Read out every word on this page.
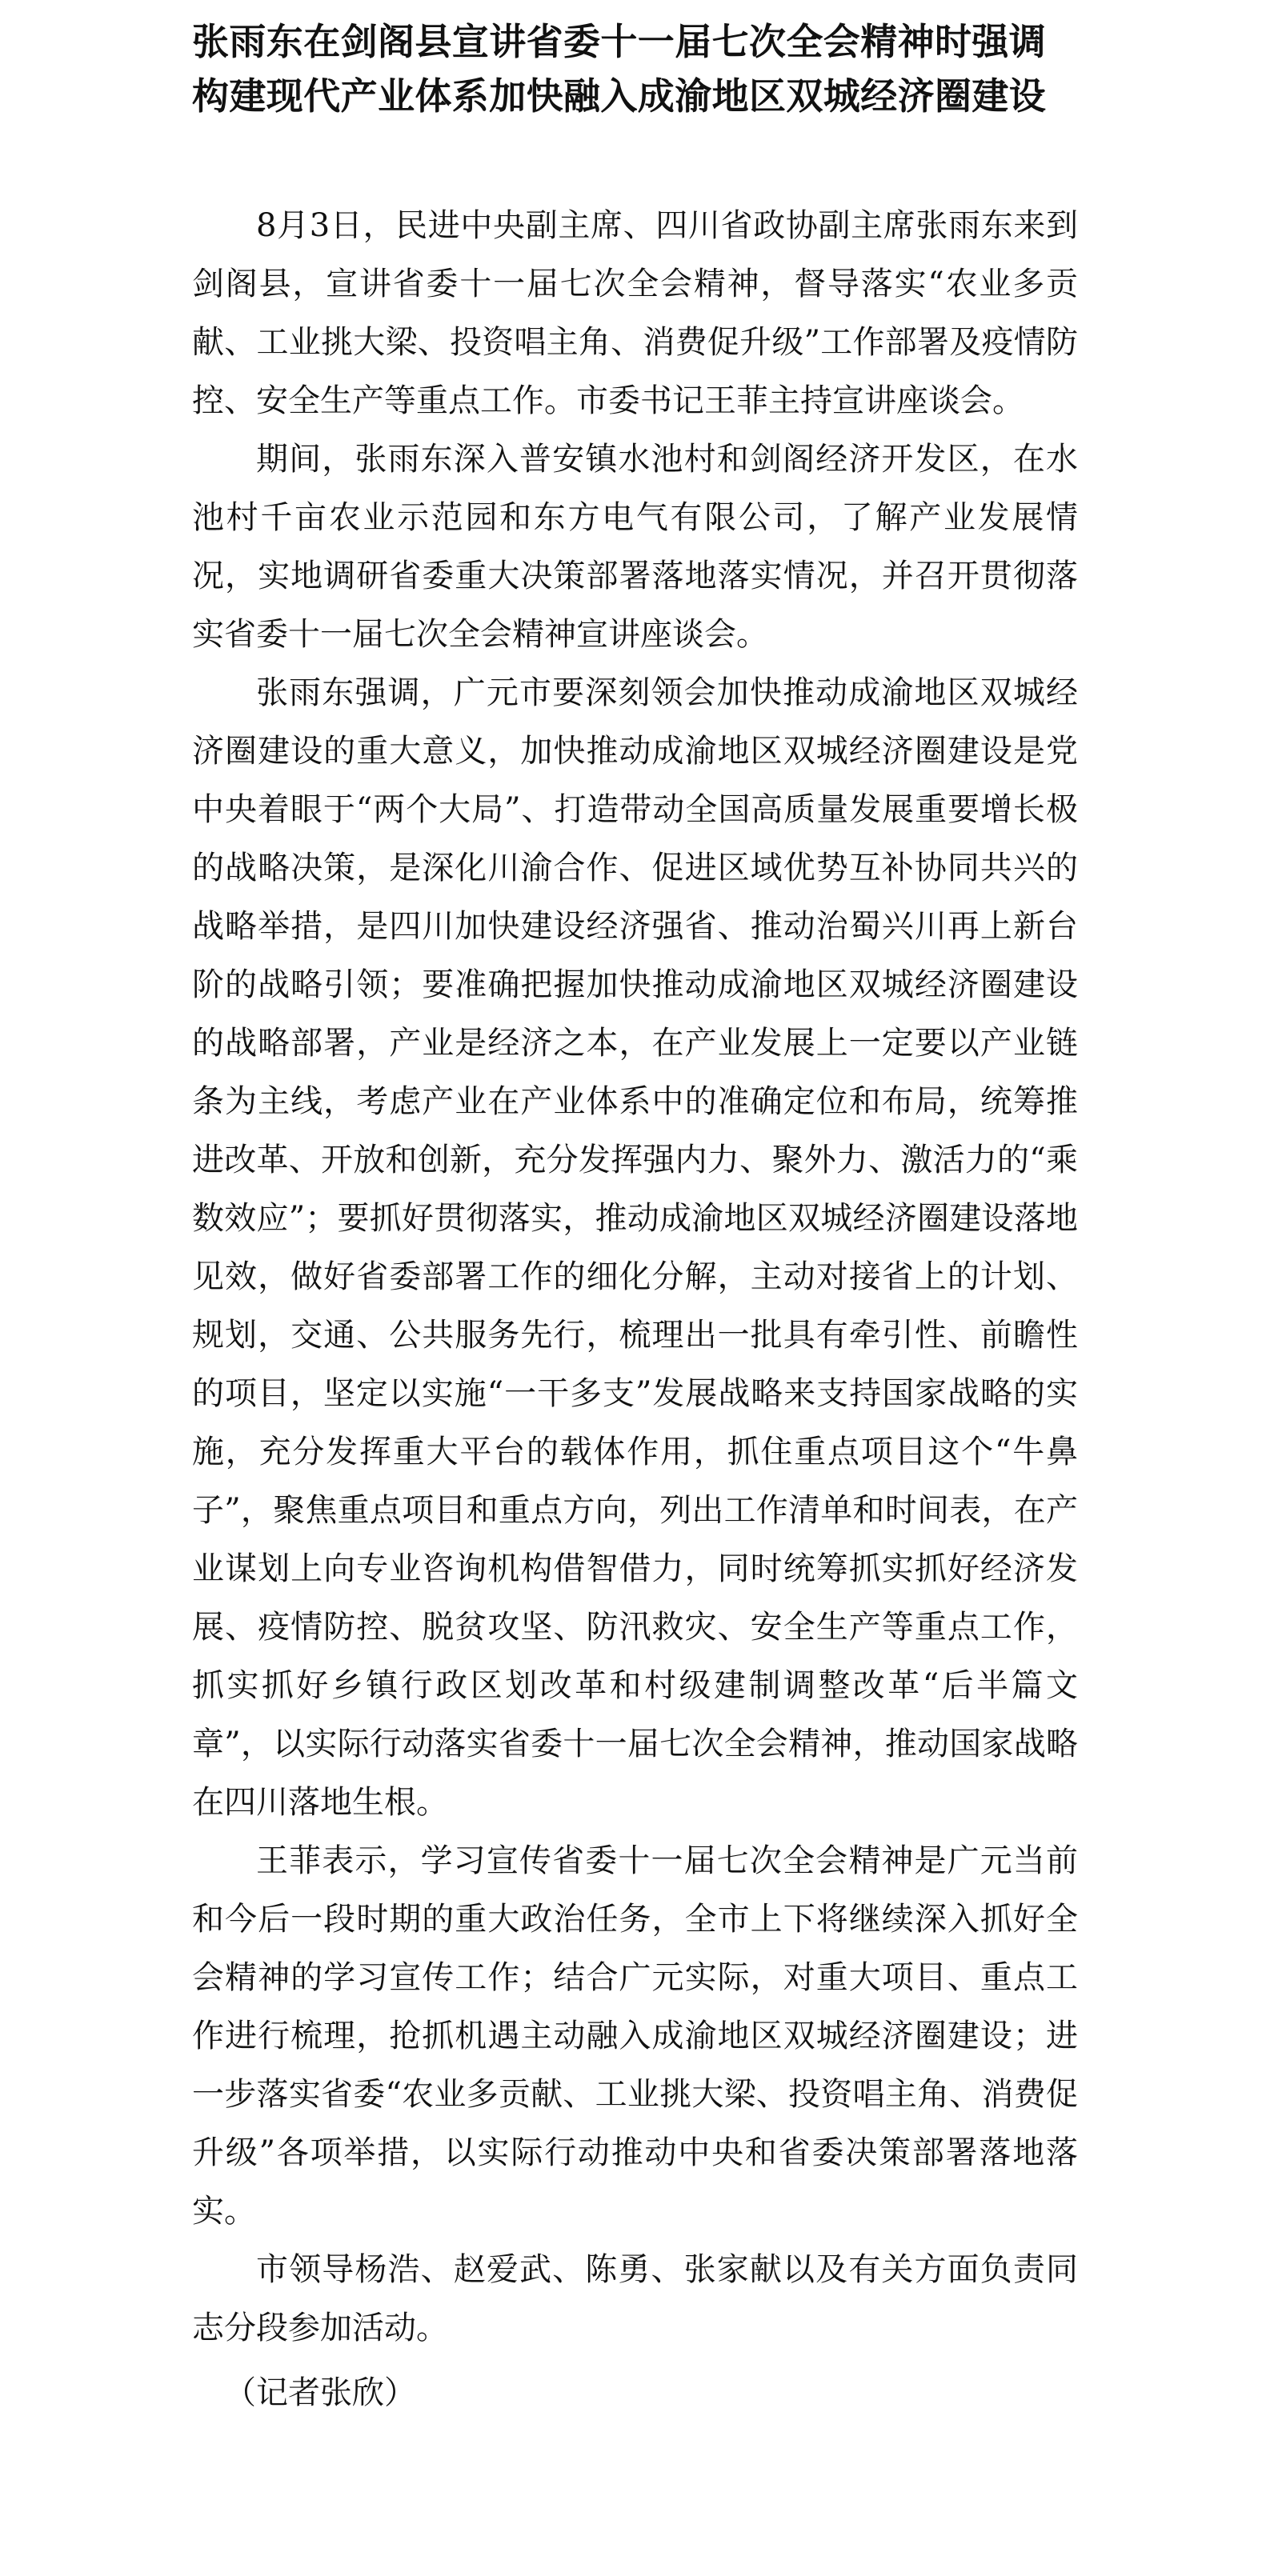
张雨东在剑阁县宣讲省委十一届七次全会精神时强调
构建现代产业体系加快融入成渝地区双城经济圈建设

8月3日，民进中央副主席、四川省政协副主席张雨东来到剑阁县，宣讲省委十一届七次全会精神，督导落实“农业多贡献、工业挑大梁、投资唱主角、消费促升级”工作部署及疫情防控、安全生产等重点工作。市委书记王菲主持宣讲座谈会。

期间，张雨东深入普安镇水池村和剑阁经济开发区，在水池村千亩农业示范园和东方电气有限公司，了解产业发展情况，实地调研省委重大决策部署落地落实情况，并召开贯彻落实省委十一届七次全会精神宣讲座谈会。

张雨东强调，广元市要深刻领会加快推动成渝地区双城经济圈建设的重大意义，加快推动成渝地区双城经济圈建设是党中央着眼于“两个大局”、打造带动全国高质量发展重要增长极的战略决策，是深化川渝合作、促进区域优势互补协同共兴的战略举措，是四川加快建设经济强省、推动治蜀兴川再上新台阶的战略引领；要准确把握加快推动成渝地区双城经济圈建设的战略部署，产业是经济之本，在产业发展上一定要以产业链条为主线，考虑产业在产业体系中的准确定位和布局，统筹推进改革、开放和创新，充分发挥强内力、聚外力、激活力的“乘数效应”；要抓好贯彻落实，推动成渝地区双城经济圈建设落地见效，做好省委部署工作的细化分解，主动对接省上的计划、规划，交通、公共服务先行，梳理出一批具有牵引性、前瞻性的项目，坚定以实施“一干多支”发展战略来支持国家战略的实施，充分发挥重大平台的载体作用，抓住重点项目这个“牛鼻子”，聚焦重点项目和重点方向，列出工作清单和时间表，在产业谋划上向专业咨询机构借智借力，同时统筹抓实抓好经济发展、疫情防控、脱贫攻坚、防汛救灾、安全生产等重点工作，抓实抓好乡镇行政区划改革和村级建制调整改革“后半篇文章”，以实际行动落实省委十一届七次全会精神，推动国家战略在四川落地生根。

王菲表示，学习宣传省委十一届七次全会精神是广元当前和今后一段时期的重大政治任务，全市上下将继续深入抓好全会精神的学习宣传工作；结合广元实际，对重大项目、重点工作进行梳理，抢抓机遇主动融入成渝地区双城经济圈建设；进一步落实省委“农业多贡献、工业挑大梁、投资唱主角、消费促升级”各项举措，以实际行动推动中央和省委决策部署落地落实。

市领导杨浩、赵爱武、陈勇、张家献以及有关方面负责同志分段参加活动。

（记者张欣）
